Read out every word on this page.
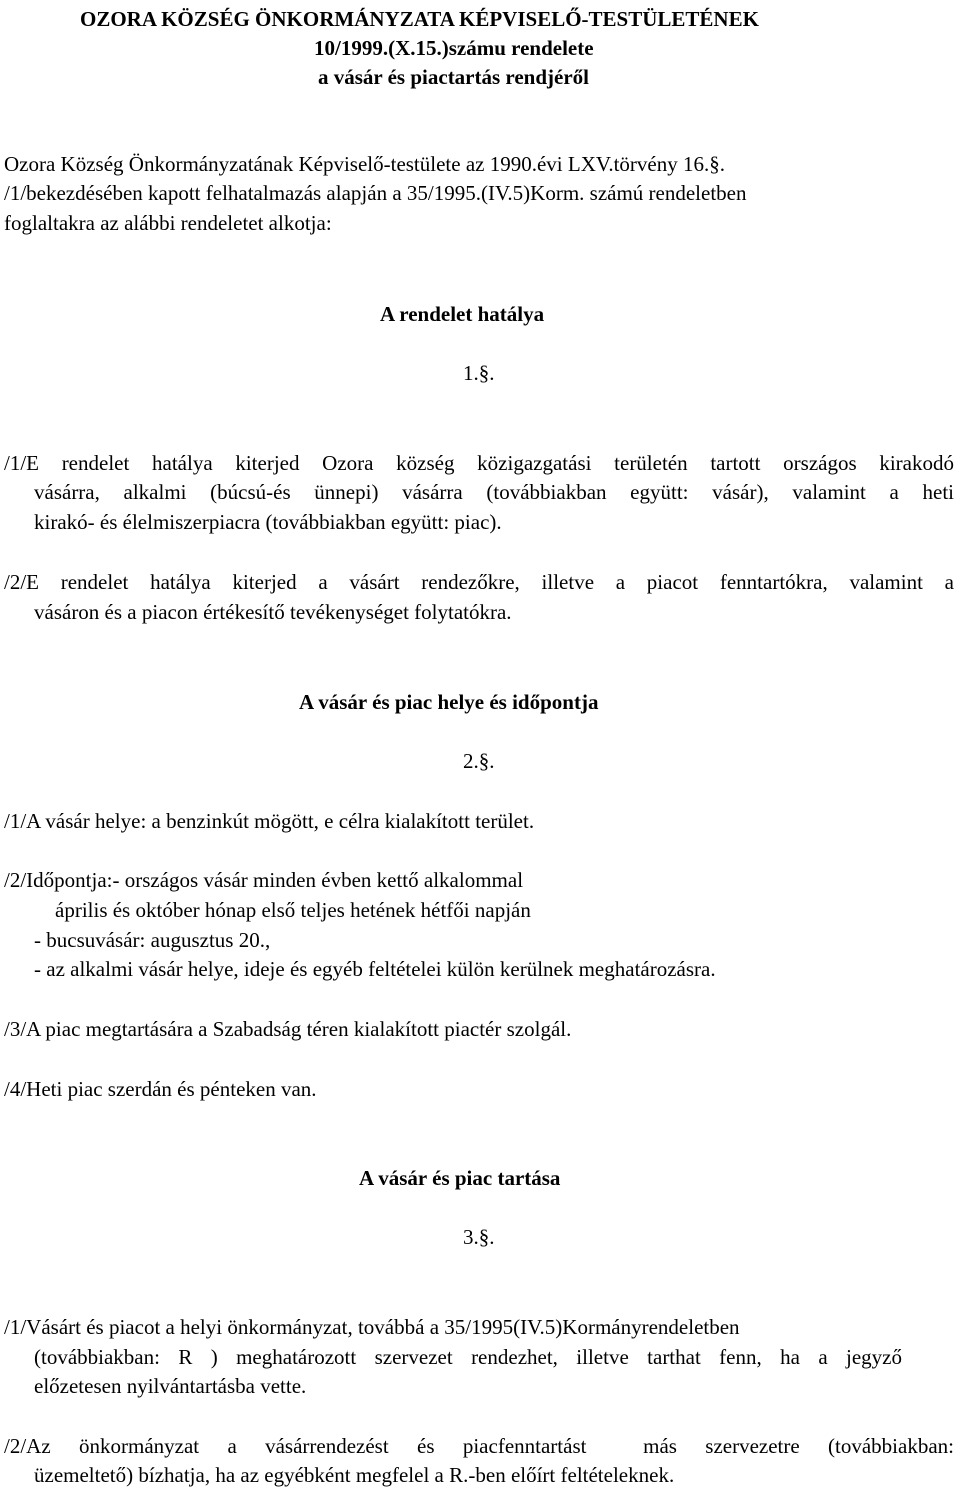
OZORA KÖZSÉG ÖNKORMÁNYZATA KÉPVISELŐ-TESTÜLETÉNEK
10/1999.(X.15.)számu rendelete
a vásár és piactartás rendjéről
Ozora Község Önkormányzatának Képviselő-testülete az 1990.évi LXV.törvény 16.§.
/1/bekezdésében kapott felhatalmazás alapján a 35/1995.(IV.5)Korm. számú rendeletben
foglaltakra az alábbi rendeletet alkotja:
A rendelet hatálya
1.§.
/1/E rendelet hatálya kiterjed Ozora község közigazgatási területén tartott országos kirakodó
vásárra, alkalmi (búcsú-és ünnepi) vásárra (továbbiakban együtt: vásár), valamint a heti
kirakó- és élelmiszerpiacra (továbbiakban együtt: piac).
/2/E rendelet hatálya kiterjed a vásárt rendezőkre, illetve a piacot fenntartókra, valamint a
vásáron és a piacon értékesítő tevékenységet folytatókra.
A vásár és piac helye és időpontja
2.§.
/1/A vásár helye: a benzinkút mögött, e célra kialakított terület.
/2/Időpontja:- országos vásár minden évben kettő alkalommal
április és október hónap első teljes hetének hétfői napján
- bucsuvásár: augusztus 20.,
- az alkalmi vásár helye, ideje és egyéb feltételei külön kerülnek meghatározásra.
/3/A piac megtartására a Szabadság téren kialakított piactér szolgál.
/4/Heti piac szerdán és pénteken van.
A vásár és piac tartása
3.§.
/1/Vásárt és piacot a helyi önkormányzat, továbbá a 35/1995(IV.5)Kormányrendeletben
(továbbiakban: R ) meghatározott szervezet rendezhet, illetve tarthat fenn, ha a jegyző
előzetesen nyilvántartásba vette.
/2/Az önkormányzat a vásárrendezést és piacfenntartást  más szervezetre (továbbiakban:
üzemeltető) bízhatja, ha az egyébként megfelel a R.-ben előírt feltételeknek.
